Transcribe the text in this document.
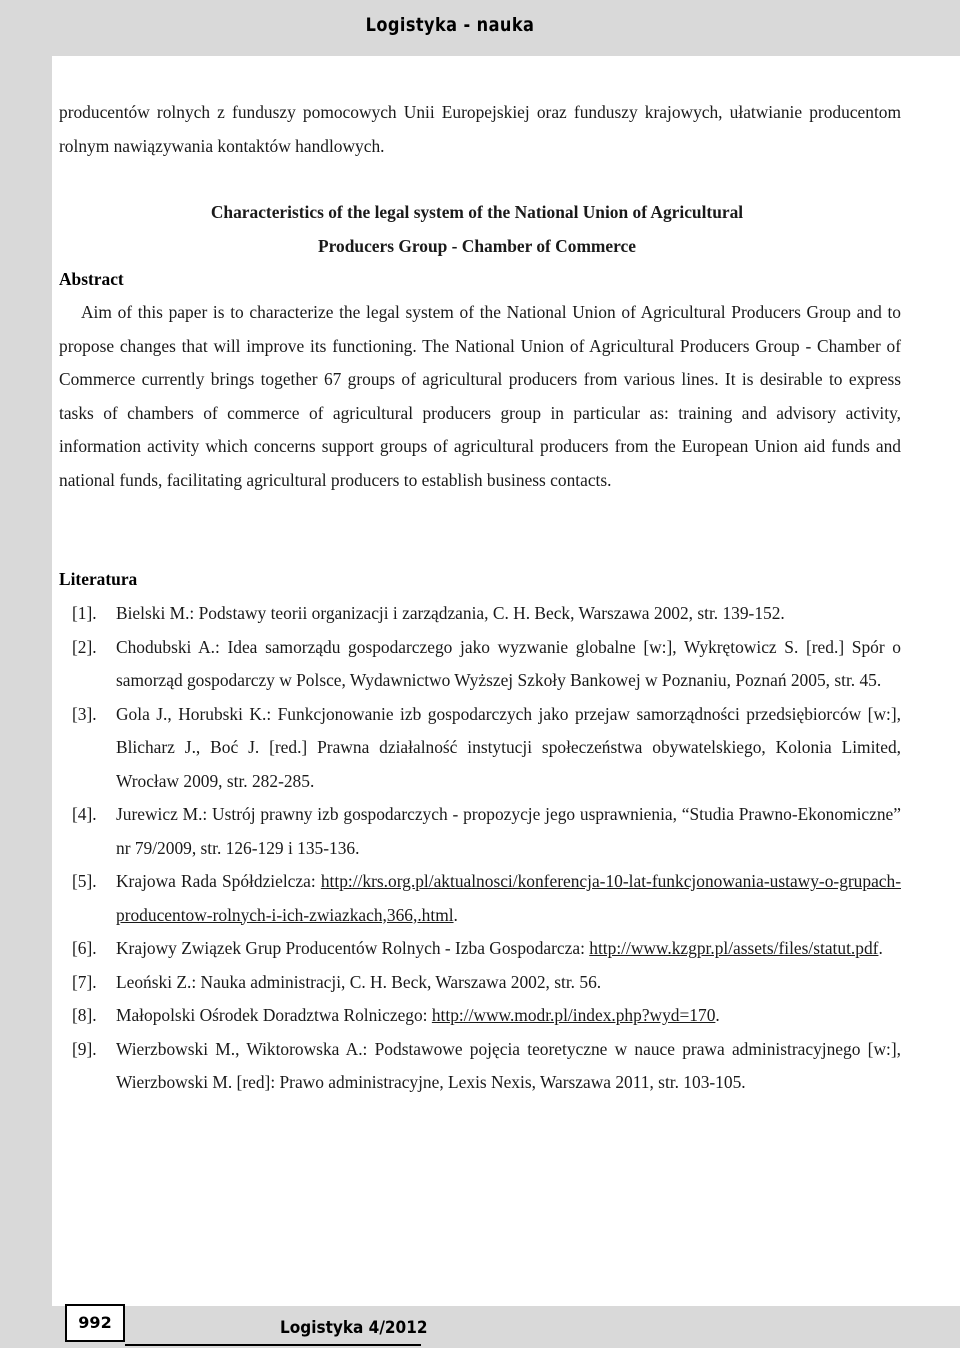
Logistyka - nauka

producentów rolnych z funduszy pomocowych Unii Europejskiej oraz funduszy krajowych, ułatwianie producentom rolnym nawiązywania kontaktów handlowych.

Characteristics of the legal system of the National Union of Agricultural
Producers Group - Chamber of Commerce
Abstract

Aim of this paper is to characterize the legal system of the National Union of Agricultural Producers Group and to propose changes that will improve its functioning. The National Union of Agricultural Producers Group - Chamber of Commerce currently brings together 67 groups of agricultural producers from various lines. It is desirable to express tasks of chambers of commerce of agricultural producers group in particular as: training and advisory activity, information activity which concerns support groups of agricultural producers from the European Union aid funds and national funds, facilitating agricultural producers to establish business contacts.

Literatura
[1].	Bielski M.: Podstawy teorii organizacji i zarządzania, C. H. Beck, Warszawa 2002, str. 139-152.
[2].	Chodubski A.: Idea samorządu gospodarczego jako wyzwanie globalne [w:], Wykrętowicz S. [red.] Spór o samorząd gospodarczy w Polsce, Wydawnictwo Wyższej Szkoły Bankowej w Poznaniu, Poznań 2005, str. 45.
[3].	Gola J., Horubski K.: Funkcjonowanie izb gospodarczych jako przejaw samorządności przedsiębiorców [w:], Blicharz J., Boć J. [red.] Prawna działalność instytucji społeczeństwa obywatelskiego, Kolonia Limited, Wrocław 2009, str. 282-285.
[4].	Jurewicz M.: Ustrój prawny izb gospodarczych - propozycje jego usprawnienia, “Studia Prawno-Ekonomiczne” nr 79/2009, str. 126-129 i 135-136.
[5].	Krajowa Rada Spółdzielcza: http://krs.org.pl/aktualnosci/konferencja-10-lat-funkcjonowania-ustawy-o-grupach-producentow-rolnych-i-ich-zwiazkach,366,.html.
[6].	Krajowy Związek Grup Producentów Rolnych - Izba Gospodarcza: http://www.kzgpr.pl/assets/files/statut.pdf.
[7].	Leoński Z.: Nauka administracji, C. H. Beck, Warszawa 2002, str. 56.
[8].	Małopolski Ośrodek Doradztwa Rolniczego: http://www.modr.pl/index.php?wyd=170.
[9].	Wierzbowski M., Wiktorowska A.: Podstawowe pojęcia teoretyczne w nauce prawa administracyjnego [w:], Wierzbowski M. [red]: Prawo administracyjne, Lexis Nexis, Warszawa 2011, str. 103-105.
992	Logistyka 4/2012
